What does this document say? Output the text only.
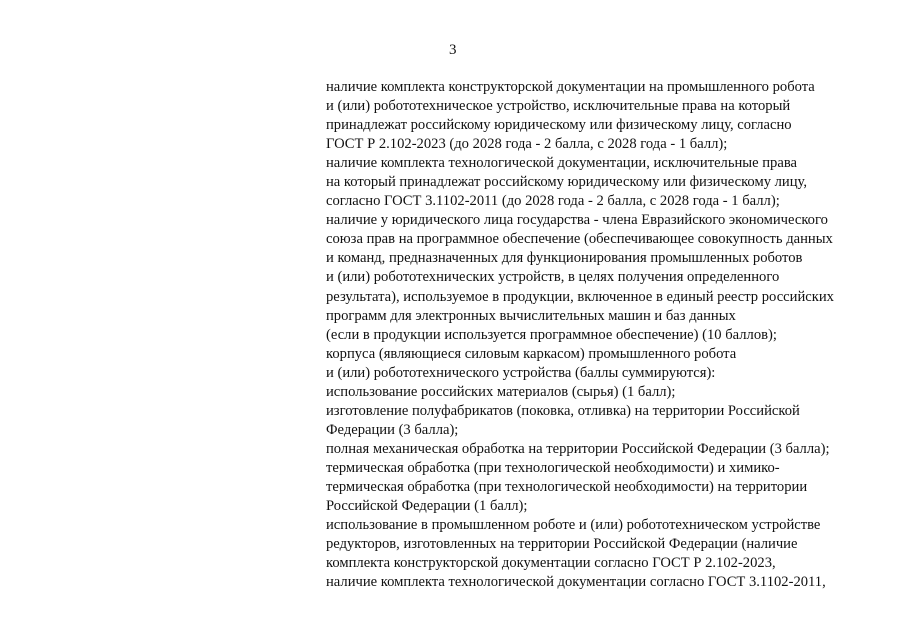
3
наличие комплекта конструкторской документации на промышленного робота
и (или) робототехническое устройство, исключительные права на который
принадлежат российскому юридическому или физическому лицу, согласно
ГОСТ Р 2.102-2023 (до 2028 года - 2 балла, с 2028 года - 1 балл);
наличие комплекта технологической документации, исключительные права
на который принадлежат российскому юридическому или физическому лицу,
согласно ГОСТ 3.1102-2011 (до 2028 года - 2 балла, с 2028 года - 1 балл);
наличие у юридического лица государства - члена Евразийского экономического
союза прав на программное обеспечение (обеспечивающее совокупность данных
и команд, предназначенных для функционирования промышленных роботов
и (или) робототехнических устройств, в целях получения определенного
результата), используемое в продукции, включенное в единый реестр российских
программ для электронных вычислительных машин и баз данных
(если в продукции используется программное обеспечение) (10 баллов);
корпуса (являющиеся силовым каркасом) промышленного робота
и (или) робототехнического устройства (баллы суммируются):
использование российских материалов (сырья) (1 балл);
изготовление полуфабрикатов (поковка, отливка) на территории Российской
Федерации (3 балла);
полная механическая обработка на территории Российской Федерации (3 балла);
термическая обработка (при технологической необходимости) и химико-
термическая обработка (при технологической необходимости) на территории
Российской Федерации (1 балл);
использование в промышленном роботе и (или) робототехническом устройстве
редукторов, изготовленных на территории Российской Федерации (наличие
комплекта конструкторской документации согласно ГОСТ Р 2.102-2023,
наличие комплекта технологической документации согласно ГОСТ 3.1102-2011,
